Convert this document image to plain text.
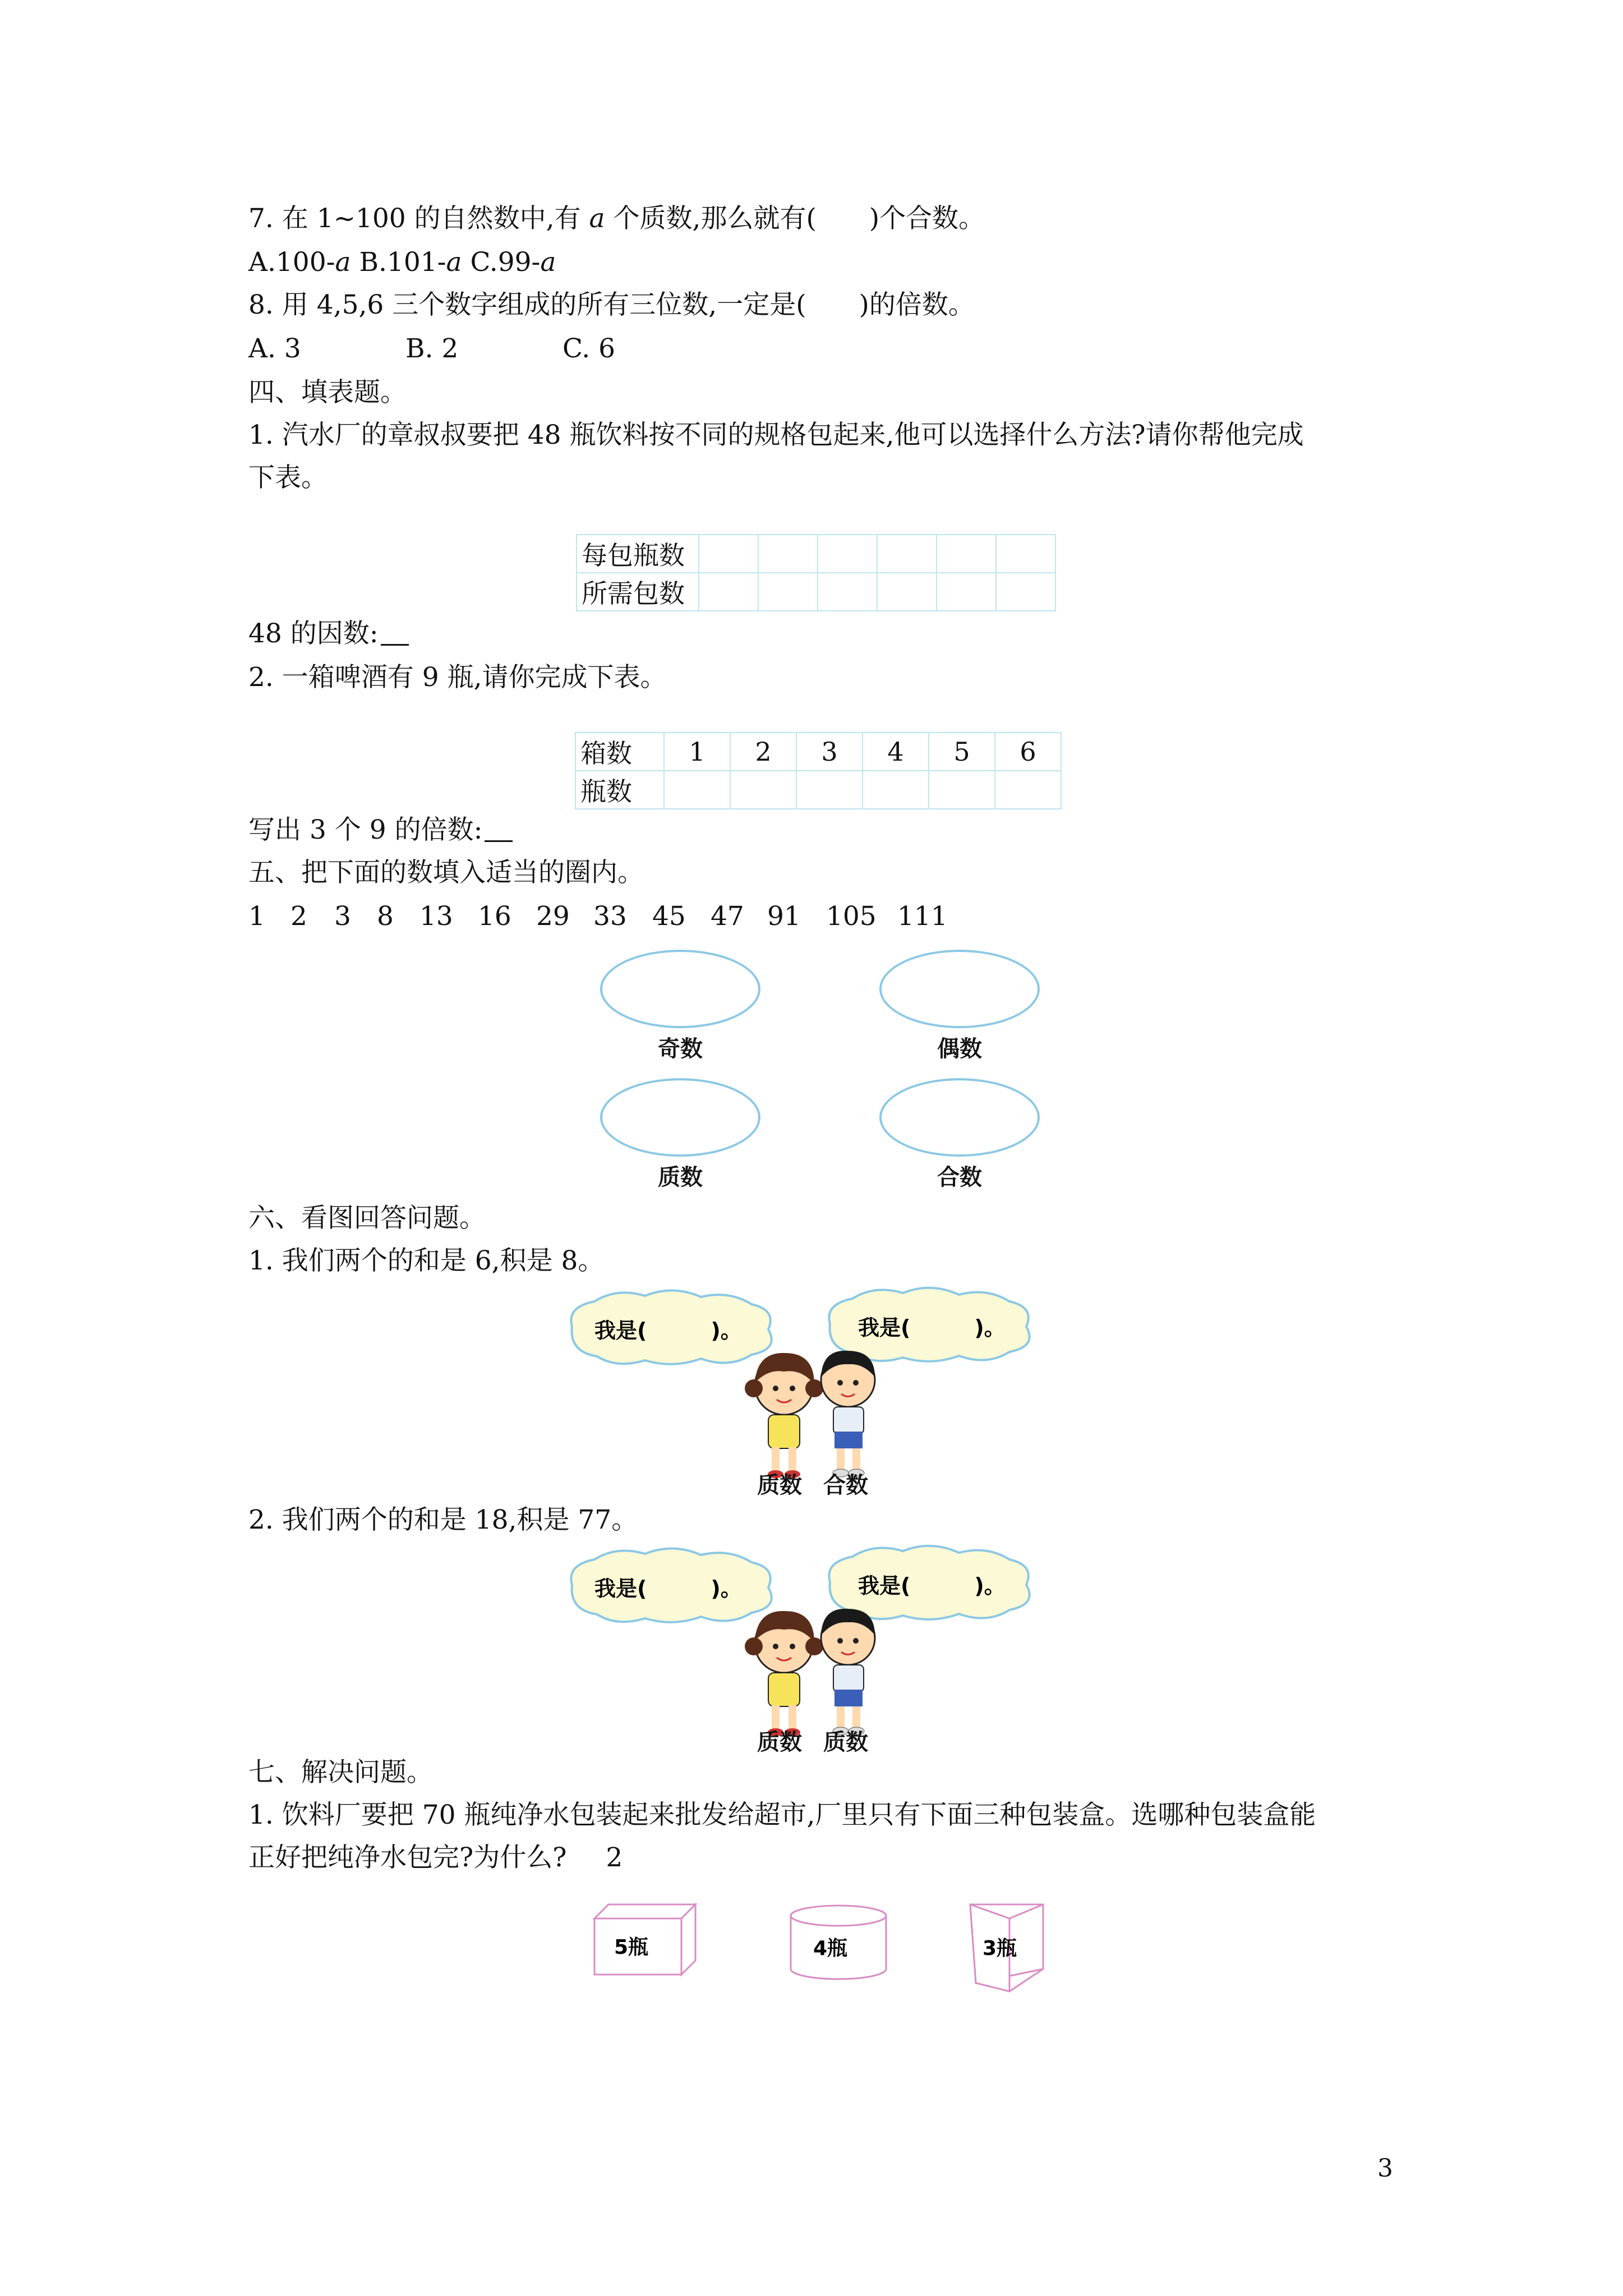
7. 在 1~100 的自然数中,有 a 个质数,那么就有(　　)个合数。
A.100-a B.101-a C.99-a
8. 用 4,5,6 三个数字组成的所有三位数,一定是(　　)的倍数。
A. 3	B. 2	C. 6
四、填表题。
1. 汽水厂的章叔叔要把 48 瓶饮料按不同的规格包起来,他可以选择什么方法?请你帮他完成
下表。
每包瓶数						
所需包数						
48 的因数:
2. 一箱啤酒有 9 瓶,请你完成下表。
箱数	1	2	3	4	5	6
瓶数						
写出 3 个 9 的倍数:
五、把下面的数填入适当的圈内。
1 2 3 8 13 16 29 33 45 47 91 105 111
奇数	偶数
质数	合数
六、看图回答问题。
1. 我们两个的和是 6,积是 8。
我是(　　　)。	我是(　　　)。
质数 合数
2. 我们两个的和是 18,积是 77。
我是(　　　)。	我是(　　　)。
质数 质数
七、解决问题。
1. 饮料厂要把 70 瓶纯净水包装起来批发给超市,厂里只有下面三种包装盒。选哪种包装盒能
正好把纯净水包完?为什么? 2
5瓶	4瓶	3瓶
3
